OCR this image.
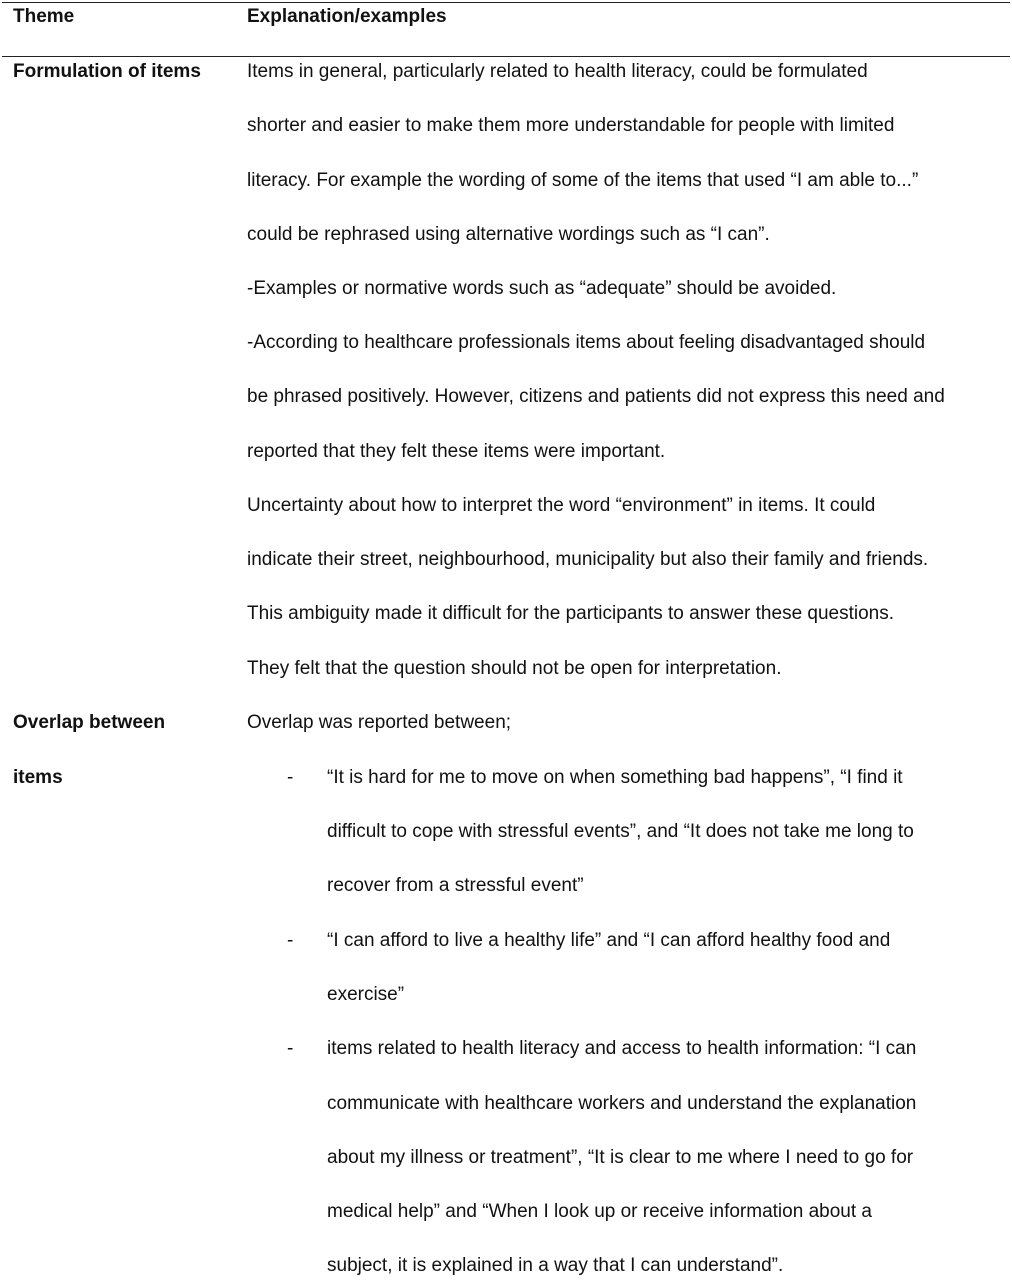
Theme	Explanation/examples
Formulation of items Items in general, particularly related to health literacy, could be formulated
shorter and easier to make them more understandable for people with limited
literacy. For example the wording of some of the items that used “I am able to...”
could be rephrased using alternative wordings such as “I can”.
-Examples or normative words such as “adequate” should be avoided.
-According to healthcare professionals items about feeling disadvantaged should
be phrased positively. However, citizens and patients did not express this need and
reported that they felt these items were important.
Uncertainty about how to interpret the word “environment” in items. It could
indicate their street, neighbourhood, municipality but also their family and friends.
This ambiguity made it difficult for the participants to answer these questions.
They felt that the question should not be open for interpretation.
Overlap between
items
Overlap was reported between;
- “It is hard for me to move on when something bad happens”, “I find it
difficult to cope with stressful events”, and “It does not take me long to
recover from a stressful event”
- “I can afford to live a healthy life” and “I can afford healthy food and
exercise”
- items related to health literacy and access to health information: “I can
communicate with healthcare workers and understand the explanation
about my illness or treatment”, “It is clear to me where I need to go for
medical help” and “When I look up or receive information about a
subject, it is explained in a way that I can understand”.
